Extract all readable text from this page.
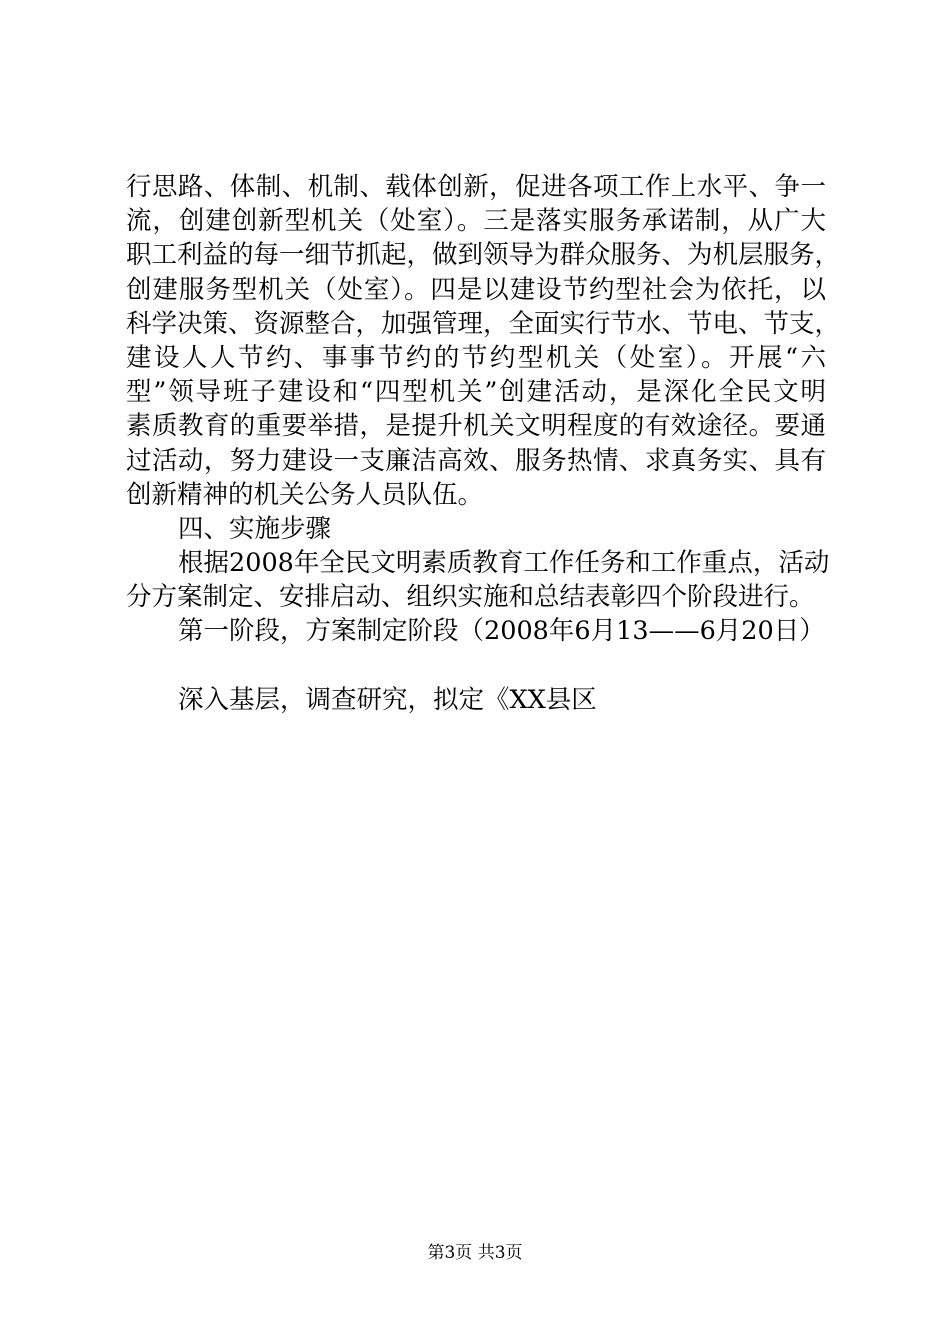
行思路、体制、机制、载体创新，促进各项工作上水平、争一
流，创建创新型机关（处室）。三是落实服务承诺制，从广大
职工利益的每一细节抓起，做到领导为群众服务、为机层服务，
创建服务型机关（处室）。四是以建设节约型社会为依托，以
科学决策、资源整合，加强管理，全面实行节水、节电、节支，
建设人人节约、事事节约的节约型机关（处室）。开展“六
型”领导班子建设和“四型机关”创建活动，是深化全民文明
素质教育的重要举措，是提升机关文明程度的有效途径。要通
过活动，努力建设一支廉洁高效、服务热情、求真务实、具有
创新精神的机关公务人员队伍。
四、实施步骤
根据2008年全民文明素质教育工作任务和工作重点，活动
分方案制定、安排启动、组织实施和总结表彰四个阶段进行。
第一阶段，方案制定阶段（2008年6月13——6月20日）
深入基层，调查研究，拟定《XX县区
第3页 共3页
